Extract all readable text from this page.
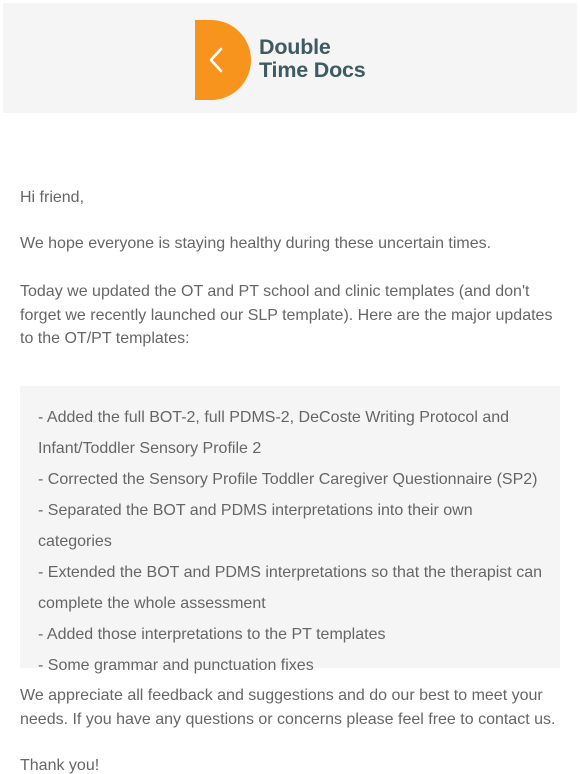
Double
Time Docs

Hi friend,

We hope everyone is staying healthy during these uncertain times.

Today we updated the OT and PT school and clinic templates (and don't forget we recently launched our SLP template). Here are the major updates to the OT/PT templates:

- Added the full BOT-2, full PDMS-2, DeCoste Writing Protocol and Infant/Toddler Sensory Profile 2
- Corrected the Sensory Profile Toddler Caregiver Questionnaire (SP2)
- Separated the BOT and PDMS interpretations into their own categories
- Extended the BOT and PDMS interpretations so that the therapist can complete the whole assessment
- Added those interpretations to the PT templates
- Some grammar and punctuation fixes

We appreciate all feedback and suggestions and do our best to meet your needs. If you have any questions or concerns please feel free to contact us.

Thank you!
